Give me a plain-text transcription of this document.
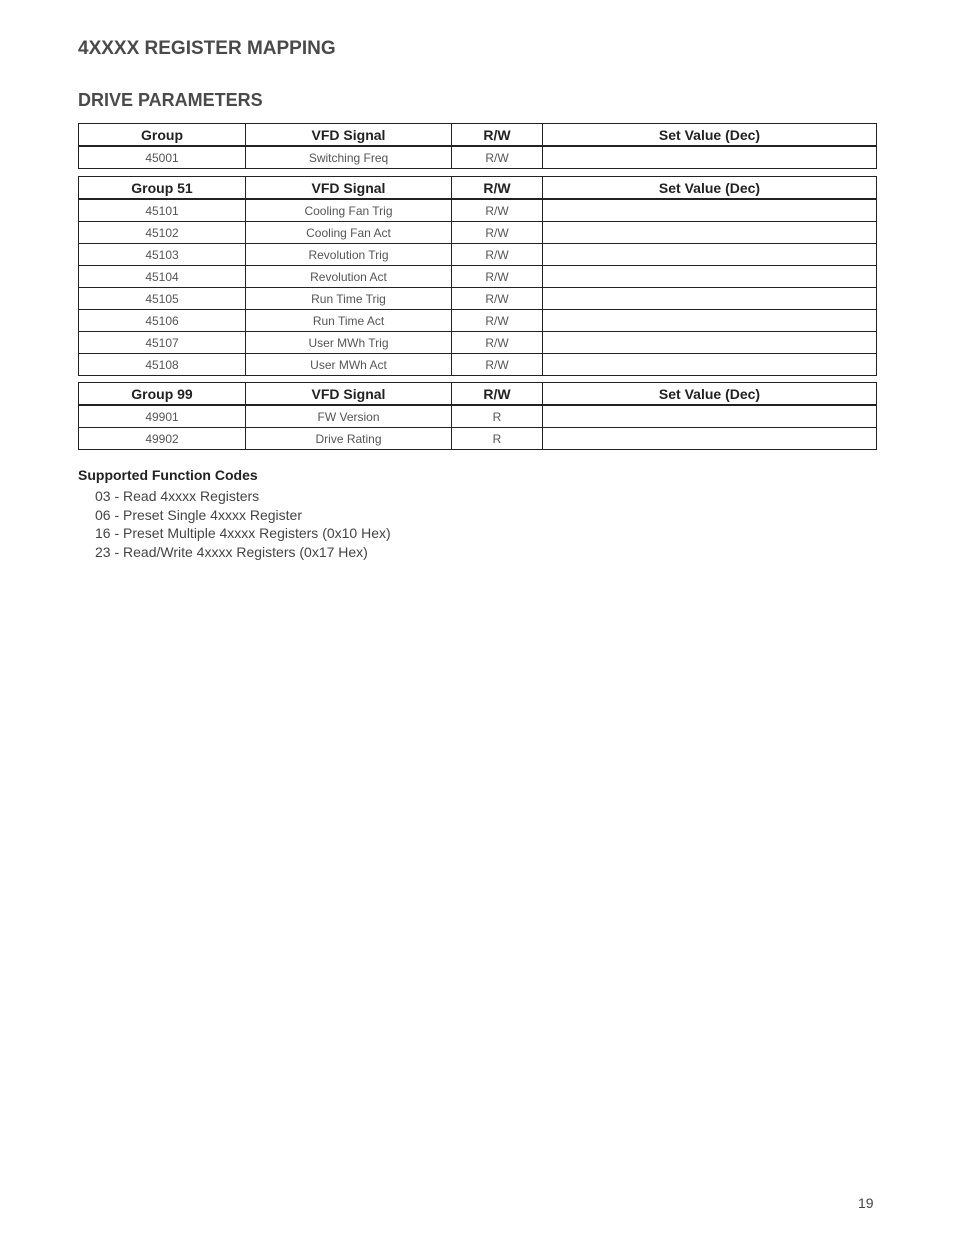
4XXXX REGISTER MAPPING
DRIVE PARAMETERS
Group	VFD Signal	R/W	Set Value (Dec)
45001	Switching Freq	R/W	
Group 51	VFD Signal	R/W	Set Value (Dec)
45101	Cooling Fan Trig	R/W	
45102	Cooling Fan Act	R/W	
45103	Revolution Trig	R/W	
45104	Revolution Act	R/W	
45105	Run Time Trig	R/W	
45106	Run Time Act	R/W	
45107	User MWh Trig	R/W	
45108	User MWh Act	R/W	
Group 99	VFD Signal	R/W	Set Value (Dec)
49901	FW Version	R	
49902	Drive Rating	R	

Supported Function Codes

03 - Read 4xxxx Registers
06 - Preset Single 4xxxx Register
16 - Preset Multiple 4xxxx Registers (0x10 Hex)
23 - Read/Write 4xxxx Registers (0x17 Hex)
19
